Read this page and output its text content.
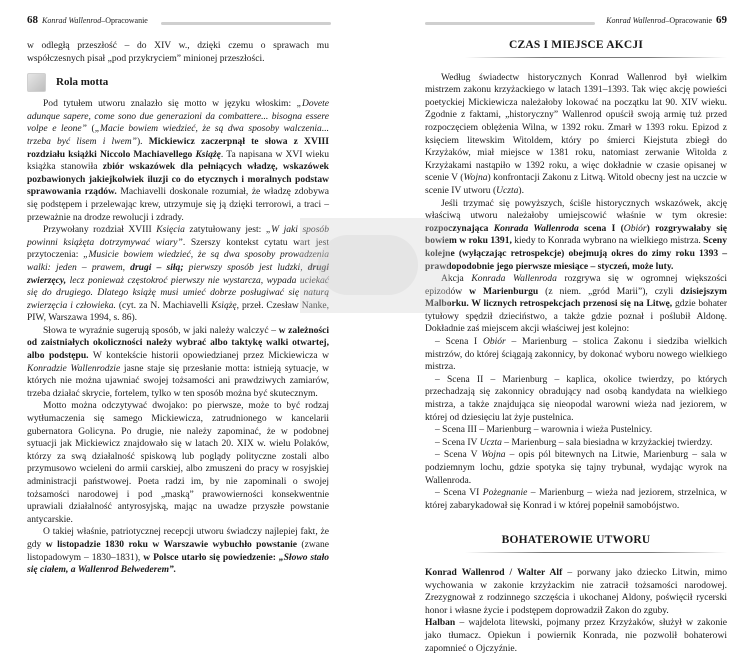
68
Konrad Wallenrod – Opracowanie

w odległą przeszłość – do XIV w., dzięki czemu o sprawach mu współczesnych pisał „pod przykryciem” minionej przeszłości.

Rola motta

Pod tytułem utworu znalazło się motto w języku włoskim: „Dovete adunque sapere, come sono due generazioni da combattere... bisogna essere volpe e leone” („Macie bowiem wiedzieć, że są dwa sposoby walczenia... trzeba być lisem i lwem”). Mickiewicz zaczerpnął te słowa z XVIII rozdziału książki Niccolo Machiavellego Książę. Ta napisana w XVI wieku książka stanowiła zbiór wskazówek dla pełniących władzę, wskazówek pozbawionych jakiejkolwiek iluzji co do etycznych i moralnych podstaw sprawowania rządów. Machiavelli doskonale rozumiał, że władzę zdobywa się podstępem i przelewając krew, utrzymuje się ją dzięki terrorowi, a traci – przeważnie na drodze rewolucji i zdrady.

Przywołany rozdział XVIII Księcia zatytułowany jest: „W jaki sposób powinni książęta dotrzymywać wiary”. Szerszy kontekst cytatu wart jest przytoczenia: „Musicie bowiem wiedzieć, że są dwa sposoby prowadzenia walki: jeden – prawem, drugi – siłą; pierwszy sposób jest ludzki, drugi zwierzęcy, lecz ponieważ częstokroć pierwszy nie wystarcza, wypada uciekać się do drugiego. Dlatego książę musi umieć dobrze posługiwać się naturą zwierzęcia i człowieka. (cyt. za N. Machiavelli Książę, przeł. Czesław Nanke, PIW, Warszawa 1994, s. 86).

Słowa te wyraźnie sugerują sposób, w jaki należy walczyć – w zależności od zaistniałych okoliczności należy wybrać albo taktykę walki otwartej, albo podstępu. W kontekście historii opowiedzianej przez Mickiewicza w Konradzie Wallenrodzie jasne staje się przesłanie motta: istnieją sytuacje, w których nie można ujawniać swojej tożsamości ani prawdziwych zamiarów, trzeba działać skrycie, fortelem, tylko w ten sposób można być skutecznym.

Motto można odczytywać dwojako: po pierwsze, może to być rodzaj wytłumaczenia się samego Mickiewicza, zatrudnionego w kancelarii gubernatora Golicyna. Po drugie, nie należy zapominać, że w podobnej sytuacji jak Mickiewicz znajdowało się w latach 20. XIX w. wielu Polaków, którzy za swą działalność spiskową lub poglądy polityczne zostali albo przymusowo wcieleni do armii carskiej, albo zmuszeni do pracy w rosyjskiej administracji państwowej. Poeta radzi im, by nie zapominali o swojej tożsamości narodowej i pod „maską” prawowierności konsekwentnie uprawiali działalność antyrosyjską, mając na uwadze przyszłe powstanie antycarskie.

O takiej właśnie, patriotycznej recepcji utworu świadczy najlepiej fakt, że gdy w listopadzie 1830 roku w Warszawie wybuchło powstanie (zwane listopadowym – 1830–1831), w Polsce utarło się powiedzenie: „Słowo stało się ciałem, a Wallenrod Belwederem”.

Konrad Wallenrod – Opracowanie
69
CZAS I MIEJSCE AKCJI

Według świadectw historycznych Konrad Wallenrod był wielkim mistrzem zakonu krzyżackiego w latach 1391–1393. Tak więc akcję powieści poetyckiej Mickiewicza należałoby lokować na początku lat 90. XIV wieku. Zgodnie z faktami, „historyczny” Wallenrod opuścił swoją armię tuż przed rozpoczęciem oblężenia Wilna, w 1392 roku. Zmarł w 1393 roku. Epizod z księciem litewskim Witoldem, który po śmierci Kiejstuta zbiegł do Krzyżaków, miał miejsce w 1381 roku, natomiast zerwanie Witolda z Krzyżakami nastąpiło w 1392 roku, a więc dokładnie w czasie opisanej w scenie V (Wojna) konfrontacji Zakonu z Litwą. Witold obecny jest na uczcie w scenie IV utworu (Uczta).

Jeśli trzymać się powyższych, ściśle historycznych wskazówek, akcję właściwą utworu należałoby umiejscowić właśnie w tym okresie: rozpoczynająca Konrada Wallenroda scena I (Obiór) rozgrywałaby się bowiem w roku 1391, kiedy to Konrada wybrano na wielkiego mistrza. Sceny kolejne (wyłączając retrospekcje) obejmują okres do zimy roku 1393 – prawdopodobnie jego pierwsze miesiące – styczeń, może luty.

Akcja Konrada Wallenroda rozgrywa się w ogromnej większości epizodów w Marienburgu (z niem. „gród Marii”), czyli dzisiejszym Malborku. W licznych retrospekcjach przenosi się na Litwę, gdzie bohater tytułowy spędził dzieciństwo, a także gdzie poznał i poślubił Aldonę. Dokładnie zaś miejscem akcji właściwej jest kolejno:

– Scena I Obiór – Marienburg – stolica Zakonu i siedziba wielkich mistrzów, do której ściągają zakonnicy, by dokonać wyboru nowego wielkiego mistrza.

– Scena II – Marienburg – kaplica, okolice twierdzy, po których przechadzają się zakonnicy obradujący nad osobą kandydata na wielkiego mistrza, a także znajdująca się nieopodal warowni wieża nad jeziorem, w której od dziesięciu lat żyje pustelnica.

– Scena III – Marienburg – warownia i wieża Pustelnicy.

– Scena IV Uczta – Marienburg – sala biesiadna w krzyżackiej twierdzy.

– Scena V Wojna – opis pól bitewnych na Litwie, Marienburg – sala w podziemnym lochu, gdzie spotyka się tajny trybunał, wydając wyrok na Wallenroda.

– Scena VI Pożegnanie – Marienburg – wieża nad jeziorem, strzelnica, w której zabarykadował się Konrad i w której popełnił samobójstwo.

BOHATEROWIE UTWORU

Konrad Wallenrod / Walter Alf – porwany jako dziecko Litwin, mimo wychowania w zakonie krzyżackim nie zatracił tożsamości narodowej. Zrezygnował z rodzinnego szczęścia i ukochanej Aldony, poświęcił rycerski honor i własne życie i podstępem doprowadził Zakon do zguby.

Halban – wajdelota litewski, pojmany przez Krzyżaków, służył w zakonie jako tłumacz. Opiekun i powiernik Konrada, nie pozwolił bohaterowi zapomnieć o Ojczyźnie.
